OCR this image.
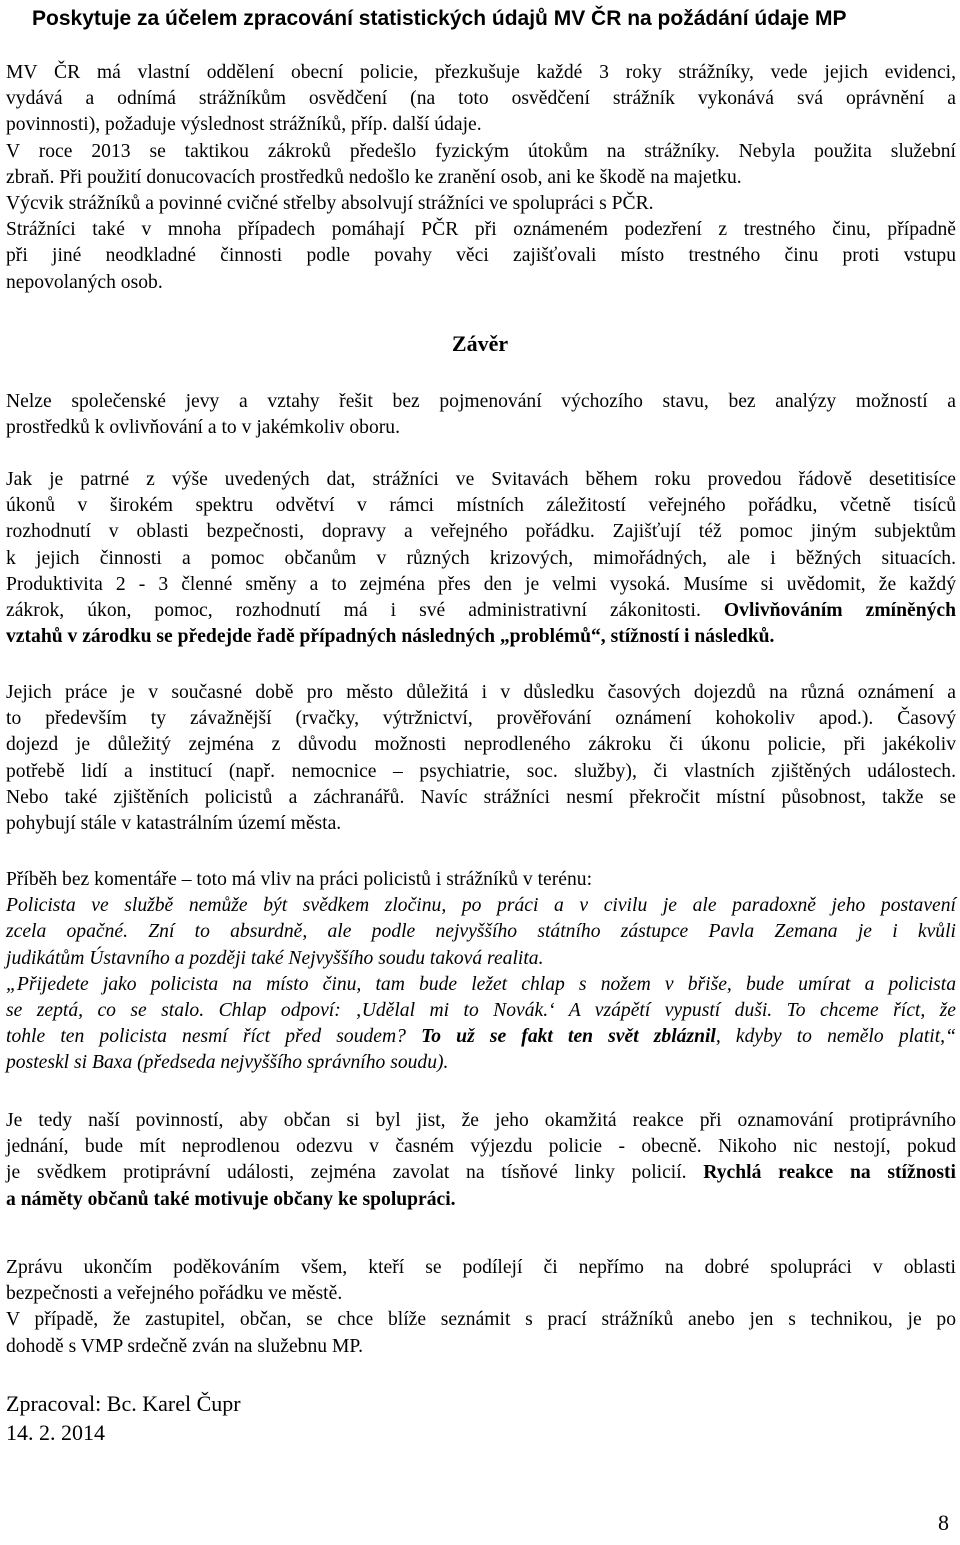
Poskytuje za účelem zpracování statistických údajů MV ČR na požádání údaje MP
MV ČR má vlastní oddělení obecní policie, přezkušuje každé 3 roky strážníky, vede jejich evidenci,
vydává a odnímá strážníkům osvědčení (na toto osvědčení strážník vykonává svá oprávnění a
povinnosti), požaduje výslednost strážníků, příp. další údaje.
V roce 2013 se taktikou zákroků předešlo fyzickým útokům na strážníky. Nebyla použita služební
zbraň. Při použití donucovacích prostředků nedošlo ke zranění osob, ani ke škodě na majetku.
Výcvik strážníků a povinné cvičné střelby absolvují strážníci ve spolupráci s PČR.
Strážníci také v mnoha případech pomáhají PČR při oznámeném podezření z trestného činu, případně
při jiné neodkladné činnosti podle povahy věci zajišťovali místo trestného činu proti vstupu
nepovolaných osob.
Závěr
Nelze společenské jevy a vztahy řešit bez pojmenování výchozího stavu, bez analýzy možností a
prostředků k ovlivňování a to v jakémkoliv oboru.
Jak je patrné z výše uvedených dat, strážníci ve Svitavách během roku provedou řádově desetitisíce
úkonů v širokém spektru odvětví v rámci místních záležitostí veřejného pořádku, včetně tisíců
rozhodnutí v oblasti bezpečnosti, dopravy a veřejného pořádku. Zajišťují též pomoc jiným subjektům
k jejich činnosti a pomoc občanům v různých krizových, mimořádných, ale i běžných situacích.
Produktivita 2 - 3 členné směny a to zejména přes den je velmi vysoká. Musíme si uvědomit, že každý
zákrok, úkon, pomoc, rozhodnutí má i své administrativní zákonitosti. Ovlivňováním zmíněných
vztahů v zárodku se předejde řadě případných následných „problémů“, stížností i následků.
Jejich práce je v současné době pro město důležitá i v důsledku časových dojezdů na různá oznámení a
to především ty závažnější (rvačky, výtržnictví, prověřování oznámení kohokoliv apod.). Časový
dojezd je důležitý zejména z důvodu možnosti neprodleného zákroku či úkonu policie, při jakékoliv
potřebě lidí a institucí (např. nemocnice – psychiatrie, soc. služby), či vlastních zjištěných událostech.
Nebo také zjištěních policistů a záchranářů. Navíc strážníci nesmí překročit místní působnost, takže se
pohybují stále v katastrálním území města.
Příběh bez komentáře – toto má vliv na práci policistů i strážníků v terénu:
Policista ve službě nemůže být svědkem zločinu, po práci a v civilu je ale paradoxně jeho postavení
zcela opačné. Zní to absurdně, ale podle nejvyššího státního zástupce Pavla Zemana je i kvůli
judikátům Ústavního a později také Nejvyššího soudu taková realita.
„Přijedete jako policista na místo činu, tam bude ležet chlap s nožem v břiše, bude umírat a policista
se zeptá, co se stalo. Chlap odpoví: ‚Udělal mi to Novák.‘ A vzápětí vypustí duši. To chceme říct, že
tohle ten policista nesmí říct před soudem? To už se fakt ten svět zbláznil, kdyby to nemělo platit,“
posteskl si Baxa (předseda nejvyššího správního soudu).
Je tedy naší povinností, aby občan si byl jist, že jeho okamžitá reakce při oznamování protiprávního
jednání, bude mít neprodlenou odezvu v časném výjezdu policie - obecně. Nikoho nic nestojí, pokud
je svědkem protiprávní události, zejména zavolat na tísňové linky policií. Rychlá reakce na stížnosti
a náměty občanů také motivuje občany ke spolupráci.
Zprávu ukončím poděkováním všem, kteří se podílejí či nepřímo na dobré spolupráci v oblasti
bezpečnosti a veřejného pořádku ve městě.
V případě, že zastupitel, občan, se chce blíže seznámit s prací strážníků anebo jen s technikou, je po
dohodě s VMP srdečně zván na služebnu MP.
Zpracoval: Bc. Karel Čupr
14. 2. 2014
8
